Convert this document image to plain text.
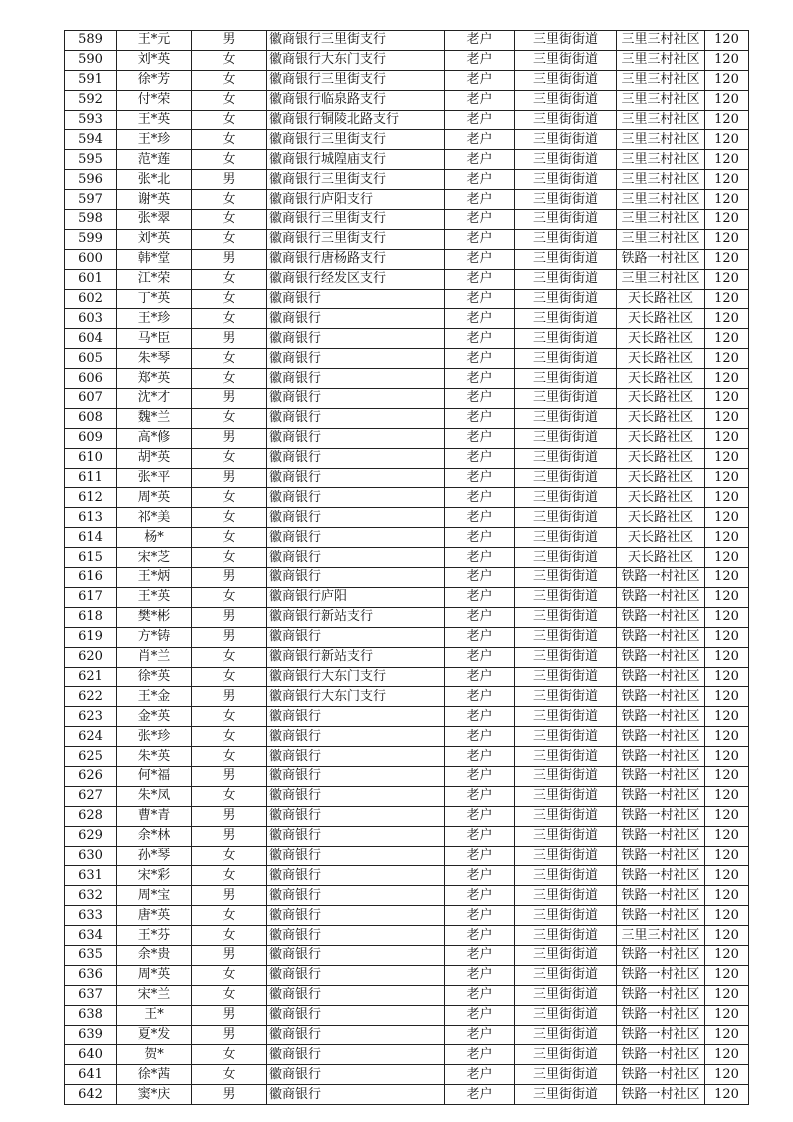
589	王*元	男	徽商银行三里街支行	老户	三里街街道	三里三村社区	120
590	刘*英	女	徽商银行大东门支行	老户	三里街街道	三里三村社区	120
591	徐*芳	女	徽商银行三里街支行	老户	三里街街道	三里三村社区	120
592	付*荣	女	徽商银行临泉路支行	老户	三里街街道	三里三村社区	120
593	王*英	女	徽商银行铜陵北路支行	老户	三里街街道	三里三村社区	120
594	王*珍	女	徽商银行三里街支行	老户	三里街街道	三里三村社区	120
595	范*莲	女	徽商银行城隍庙支行	老户	三里街街道	三里三村社区	120
596	张*北	男	徽商银行三里街支行	老户	三里街街道	三里三村社区	120
597	谢*英	女	徽商银行庐阳支行	老户	三里街街道	三里三村社区	120
598	张*翠	女	徽商银行三里街支行	老户	三里街街道	三里三村社区	120
599	刘*英	女	徽商银行三里街支行	老户	三里街街道	三里三村社区	120
600	韩*堂	男	徽商银行唐杨路支行	老户	三里街街道	铁路一村社区	120
601	江*荣	女	徽商银行经发区支行	老户	三里街街道	三里三村社区	120
602	丁*英	女	徽商银行	老户	三里街街道	天长路社区	120
603	王*珍	女	徽商银行	老户	三里街街道	天长路社区	120
604	马*臣	男	徽商银行	老户	三里街街道	天长路社区	120
605	朱*琴	女	徽商银行	老户	三里街街道	天长路社区	120
606	郑*英	女	徽商银行	老户	三里街街道	天长路社区	120
607	沈*才	男	徽商银行	老户	三里街街道	天长路社区	120
608	魏*兰	女	徽商银行	老户	三里街街道	天长路社区	120
609	高*修	男	徽商银行	老户	三里街街道	天长路社区	120
610	胡*英	女	徽商银行	老户	三里街街道	天长路社区	120
611	张*平	男	徽商银行	老户	三里街街道	天长路社区	120
612	周*英	女	徽商银行	老户	三里街街道	天长路社区	120
613	祁*美	女	徽商银行	老户	三里街街道	天长路社区	120
614	杨*	女	徽商银行	老户	三里街街道	天长路社区	120
615	宋*芝	女	徽商银行	老户	三里街街道	天长路社区	120
616	王*炳	男	徽商银行	老户	三里街街道	铁路一村社区	120
617	王*英	女	徽商银行庐阳	老户	三里街街道	铁路一村社区	120
618	樊*彬	男	徽商银行新站支行	老户	三里街街道	铁路一村社区	120
619	方*铸	男	徽商银行	老户	三里街街道	铁路一村社区	120
620	肖*兰	女	徽商银行新站支行	老户	三里街街道	铁路一村社区	120
621	徐*英	女	徽商银行大东门支行	老户	三里街街道	铁路一村社区	120
622	王*金	男	徽商银行大东门支行	老户	三里街街道	铁路一村社区	120
623	金*英	女	徽商银行	老户	三里街街道	铁路一村社区	120
624	张*珍	女	徽商银行	老户	三里街街道	铁路一村社区	120
625	朱*英	女	徽商银行	老户	三里街街道	铁路一村社区	120
626	何*福	男	徽商银行	老户	三里街街道	铁路一村社区	120
627	朱*凤	女	徽商银行	老户	三里街街道	铁路一村社区	120
628	曹*青	男	徽商银行	老户	三里街街道	铁路一村社区	120
629	余*林	男	徽商银行	老户	三里街街道	铁路一村社区	120
630	孙*琴	女	徽商银行	老户	三里街街道	铁路一村社区	120
631	宋*彩	女	徽商银行	老户	三里街街道	铁路一村社区	120
632	周*宝	男	徽商银行	老户	三里街街道	铁路一村社区	120
633	唐*英	女	徽商银行	老户	三里街街道	铁路一村社区	120
634	王*芬	女	徽商银行	老户	三里街街道	三里三村社区	120
635	余*贵	男	徽商银行	老户	三里街街道	铁路一村社区	120
636	周*英	女	徽商银行	老户	三里街街道	铁路一村社区	120
637	宋*兰	女	徽商银行	老户	三里街街道	铁路一村社区	120
638	王*	男	徽商银行	老户	三里街街道	铁路一村社区	120
639	夏*发	男	徽商银行	老户	三里街街道	铁路一村社区	120
640	贺*	女	徽商银行	老户	三里街街道	铁路一村社区	120
641	徐*茜	女	徽商银行	老户	三里街街道	铁路一村社区	120
642	窦*庆	男	徽商银行	老户	三里街街道	铁路一村社区	120
